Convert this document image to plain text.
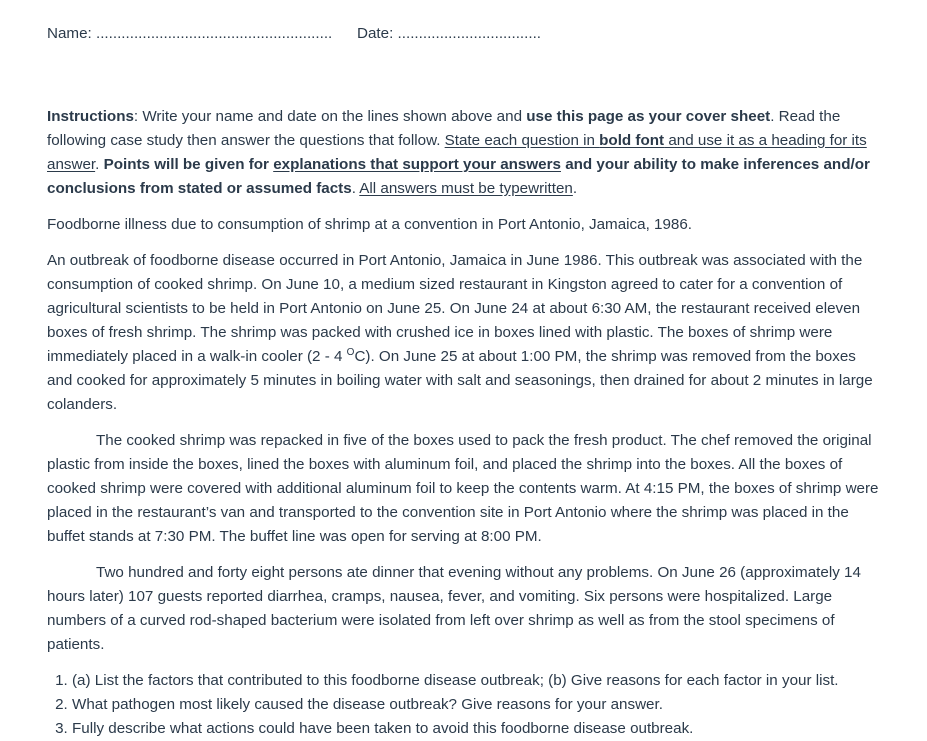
Name:
........................................................ Date:
..................................

Instructions: Write your name and date on the lines shown above and use this page as your cover sheet. Read the following case study then answer the questions that follow. State each question in bold font and use it as a heading for its answer. Points will be given for explanations that support your answers and your ability to make inferences and/or conclusions from stated or assumed facts. All answers must be typewritten.

Foodborne illness due to consumption of shrimp at a convention in Port Antonio, Jamaica, 1986.

An outbreak of foodborne disease occurred in Port Antonio, Jamaica in June 1986. This outbreak was associated with the consumption of cooked shrimp. On June 10, a medium sized restaurant in Kingston agreed to cater for a convention of agricultural scientists to be held in Port Antonio on June 25. On June 24 at about 6:30 AM, the restaurant received eleven boxes of fresh shrimp. The shrimp was packed with crushed ice in boxes lined with plastic. The boxes of shrimp were immediately placed in a walk-in cooler (2 - 4 $^O$C). On June 25 at about 1:00 PM, the shrimp was removed from the boxes and cooked for approximately 5 minutes in boiling water with salt and seasonings, then drained for about 2 minutes in large colanders.

The cooked shrimp was repacked in five of the boxes used to pack the fresh product. The chef removed the original plastic from inside the boxes, lined the boxes with aluminum foil, and placed the shrimp into the boxes. All the boxes of cooked shrimp were covered with additional aluminum foil to keep the contents warm. At 4:15 PM, the boxes of shrimp were placed in the restaurant’s van and transported to the convention site in Port Antonio where the shrimp was placed in the buffet stands at 7:30 PM. The buffet line was open for serving at 8:00 PM.

Two hundred and forty eight persons ate dinner that evening without any problems. On June 26 (approximately 14 hours later) 107 guests reported diarrhea, cramps, nausea, fever, and vomiting. Six persons were hospitalized. Large numbers of a curved rod-shaped bacterium were isolated from left over shrimp as well as from the stool specimens of patients.

1. (a) List the factors that contributed to this foodborne disease outbreak; (b) Give reasons for each factor in your list.
2. What pathogen most likely caused the disease outbreak? Give reasons for your answer.
3. Fully describe what actions could have been taken to avoid this foodborne disease outbreak.
